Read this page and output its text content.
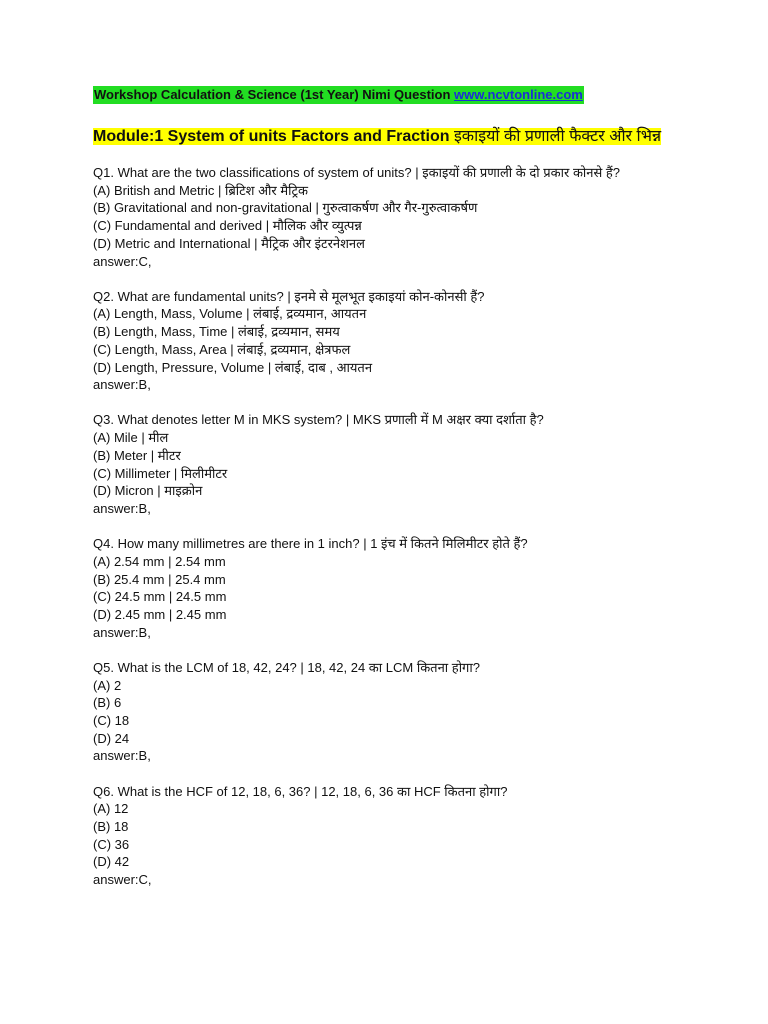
Workshop Calculation & Science (1st Year) Nimi Question www.ncvtonline.com
Module:1 System of units Factors and Fraction इकाइयों की प्रणाली फैक्टर और भिन्न
Q1. What are the two classifications of system of units? | इकाइयों की प्रणाली के दो प्रकार कोनसे हैं?
(A) British and Metric | ब्रिटिश और मैट्रिक
(B) Gravitational and non-gravitational | गुरुत्वाकर्षण और गैर-गुरुत्वाकर्षण
(C) Fundamental and derived | मौलिक और व्युत्पन्न
(D) Metric and International | मैट्रिक और इंटरनेशनल
answer:C,
Q2. What are fundamental units? | इनमे से मूलभूत इकाइयां कोन-कोनसी हैं?
(A) Length, Mass, Volume | लंबाई, द्रव्यमान, आयतन
(B) Length, Mass, Time | लंबाई, द्रव्यमान, समय
(C) Length, Mass, Area | लंबाई, द्रव्यमान, क्षेत्रफल
(D) Length, Pressure, Volume | लंबाई, दाब , आयतन
answer:B,
Q3. What denotes letter M in MKS system? | MKS प्रणाली में M अक्षर क्या दर्शाता है?
(A) Mile | मील
(B) Meter | मीटर
(C) Millimeter | मिलीमीटर
(D) Micron | माइक्रोन
answer:B,
Q4. How many millimetres are there in 1 inch? | 1 इंच में कितने मिलिमीटर होते हैं?
(A) 2.54 mm | 2.54 mm
(B) 25.4 mm | 25.4 mm
(C) 24.5 mm | 24.5 mm
(D) 2.45 mm | 2.45 mm
answer:B,
Q5. What is the LCM of 18, 42, 24? | 18, 42, 24 का LCM कितना होगा?
(A) 2
(B) 6
(C) 18
(D) 24
answer:B,
Q6. What is the HCF of 12, 18, 6, 36? | 12, 18, 6, 36 का HCF कितना होगा?
(A) 12
(B) 18
(C) 36
(D) 42
answer:C,
